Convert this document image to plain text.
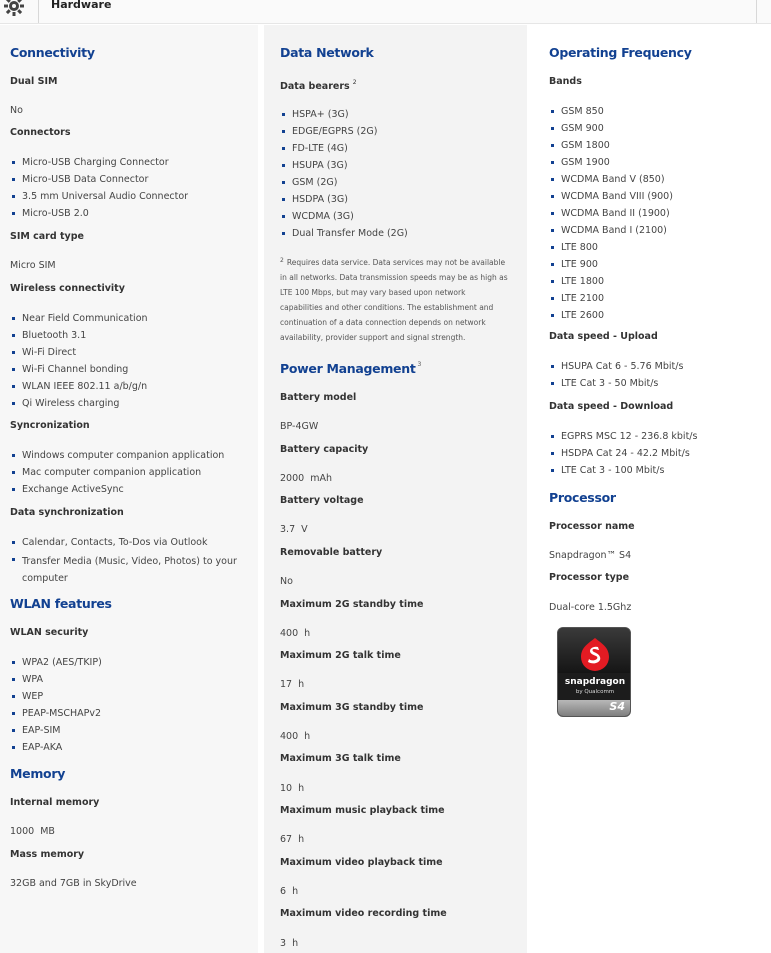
Hardware
Connectivity
Dual SIM
No
Connectors
Micro-USB Charging Connector
Micro-USB Data Connector
3.5 mm Universal Audio Connector
Micro-USB 2.0
SIM card type
Micro SIM
Wireless connectivity
Near Field Communication
Bluetooth 3.1
Wi-Fi Direct
Wi-Fi Channel bonding
WLAN IEEE 802.11 a/b/g/n
Qi Wireless charging
Syncronization
Windows computer companion application
Mac computer companion application
Exchange ActiveSync
Data synchronization
Calendar, Contacts, To-Dos via Outlook
Transfer Media (Music, Video, Photos) to your computer
WLAN features
WLAN security
WPA2 (AES/TKIP)
WPA
WEP
PEAP-MSCHAPv2
EAP-SIM
EAP-AKA
Memory
Internal memory
1000  MB
Mass memory
32GB and 7GB in SkyDrive
Data Network
Data bearers $^2$
HSPA+ (3G)
EDGE/EGPRS (2G)
FD-LTE (4G)
HSUPA (3G)
GSM (2G)
HSDPA (3G)
WCDMA (3G)
Dual Transfer Mode (2G)
$^2$ Requires data service. Data services may not be available in all networks. Data transmission speeds may be as high as LTE 100 Mbps, but may vary based upon network capabilities and other conditions. The establishment and continuation of a data connection depends on network availability, provider support and signal strength.
Power Management $^3$
Battery model
BP-4GW
Battery capacity
2000  mAh
Battery voltage
3.7  V
Removable battery
No
Maximum 2G standby time
400  h
Maximum 2G talk time
17  h
Maximum 3G standby time
400  h
Maximum 3G talk time
10  h
Maximum music playback time
67  h
Maximum video playback time
6  h
Maximum video recording time
3  h
Operating Frequency
Bands
GSM 850
GSM 900
GSM 1800
GSM 1900
WCDMA Band V (850)
WCDMA Band VIII (900)
WCDMA Band II (1900)
WCDMA Band I (2100)
LTE 800
LTE 900
LTE 1800
LTE 2100
LTE 2600
Data speed - Upload
HSUPA Cat 6 - 5.76 Mbit/s
LTE Cat 3 - 50 Mbit/s
Data speed - Download
EGPRS MSC 12 - 236.8 kbit/s
HSDPA Cat 24 - 42.2 Mbit/s
LTE Cat 3 - 100 Mbit/s
Processor
Processor name
Snapdragon™ S4
Processor type
Dual-core 1.5Ghz
snapdragon
by Qualcomm
S4
